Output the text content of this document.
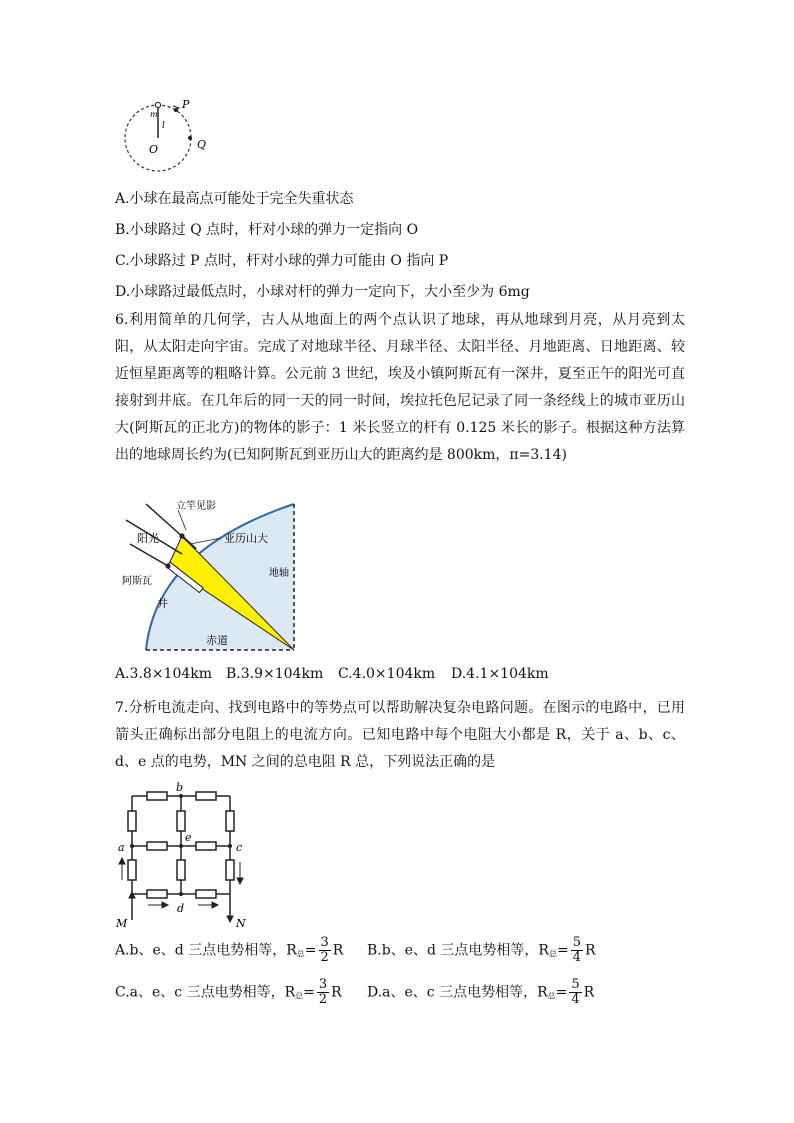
P
Q
O
m
l
A.小球在最高点可能处于完全失重状态
B.小球路过 Q 点时，杆对小球的弹力一定指向 O
C.小球路过 P 点时，杆对小球的弹力可能由 O 指向 P
D.小球路过最低点时，小球对杆的弹力一定向下，大小至少为 6mg
6.利用简单的几何学，古人从地面上的两个点认识了地球，再从地球到月亮，从月亮到太阳，从太阳走向宇宙。完成了对地球半径、月球半径、太阳半径、月地距离、日地距离、较近恒星距离等的粗略计算。公元前 3 世纪，埃及小镇阿斯瓦有一深井，夏至正午的阳光可直接射到井底。在几年后的同一天的同一时间，埃拉托色尼记录了同一条经线上的城市亚历山大(阿斯瓦的正北方)的物体的影子：1 米长竖立的杆有 0.125 米长的影子。根据这种方法算出的地球周长约为(已知阿斯瓦到亚历山大的距离约是 800km，π=3.14)
立竿见影
阳光	亚历山大
地轴
阿斯瓦
井
赤道
A.3.8×104km B.3.9×104km C.4.0×104km D.4.1×104km
7.分析电流走向、找到电路中的等势点可以帮助解决复杂电路问题。在图示的电路中，已用箭头正确标出部分电阻上的电流方向。已知电路中每个电阻大小都是 R，关于 a、b、c、d、e 点的电势，MN 之间的总电阻 R 总，下列说法正确的是
b
e
a	c
d
M	N
A.b、e、d 三点电势相等，$R_总= \frac{3}{2}$ R B.b、e、d 三点电势相等，$R_总= \frac{5}{4}$ R
C.a、e、c 三点电势相等，$R_总= \frac{3}{2}$ R D.a、e、c 三点电势相等，$R_总= \frac{5}{4}$ R
